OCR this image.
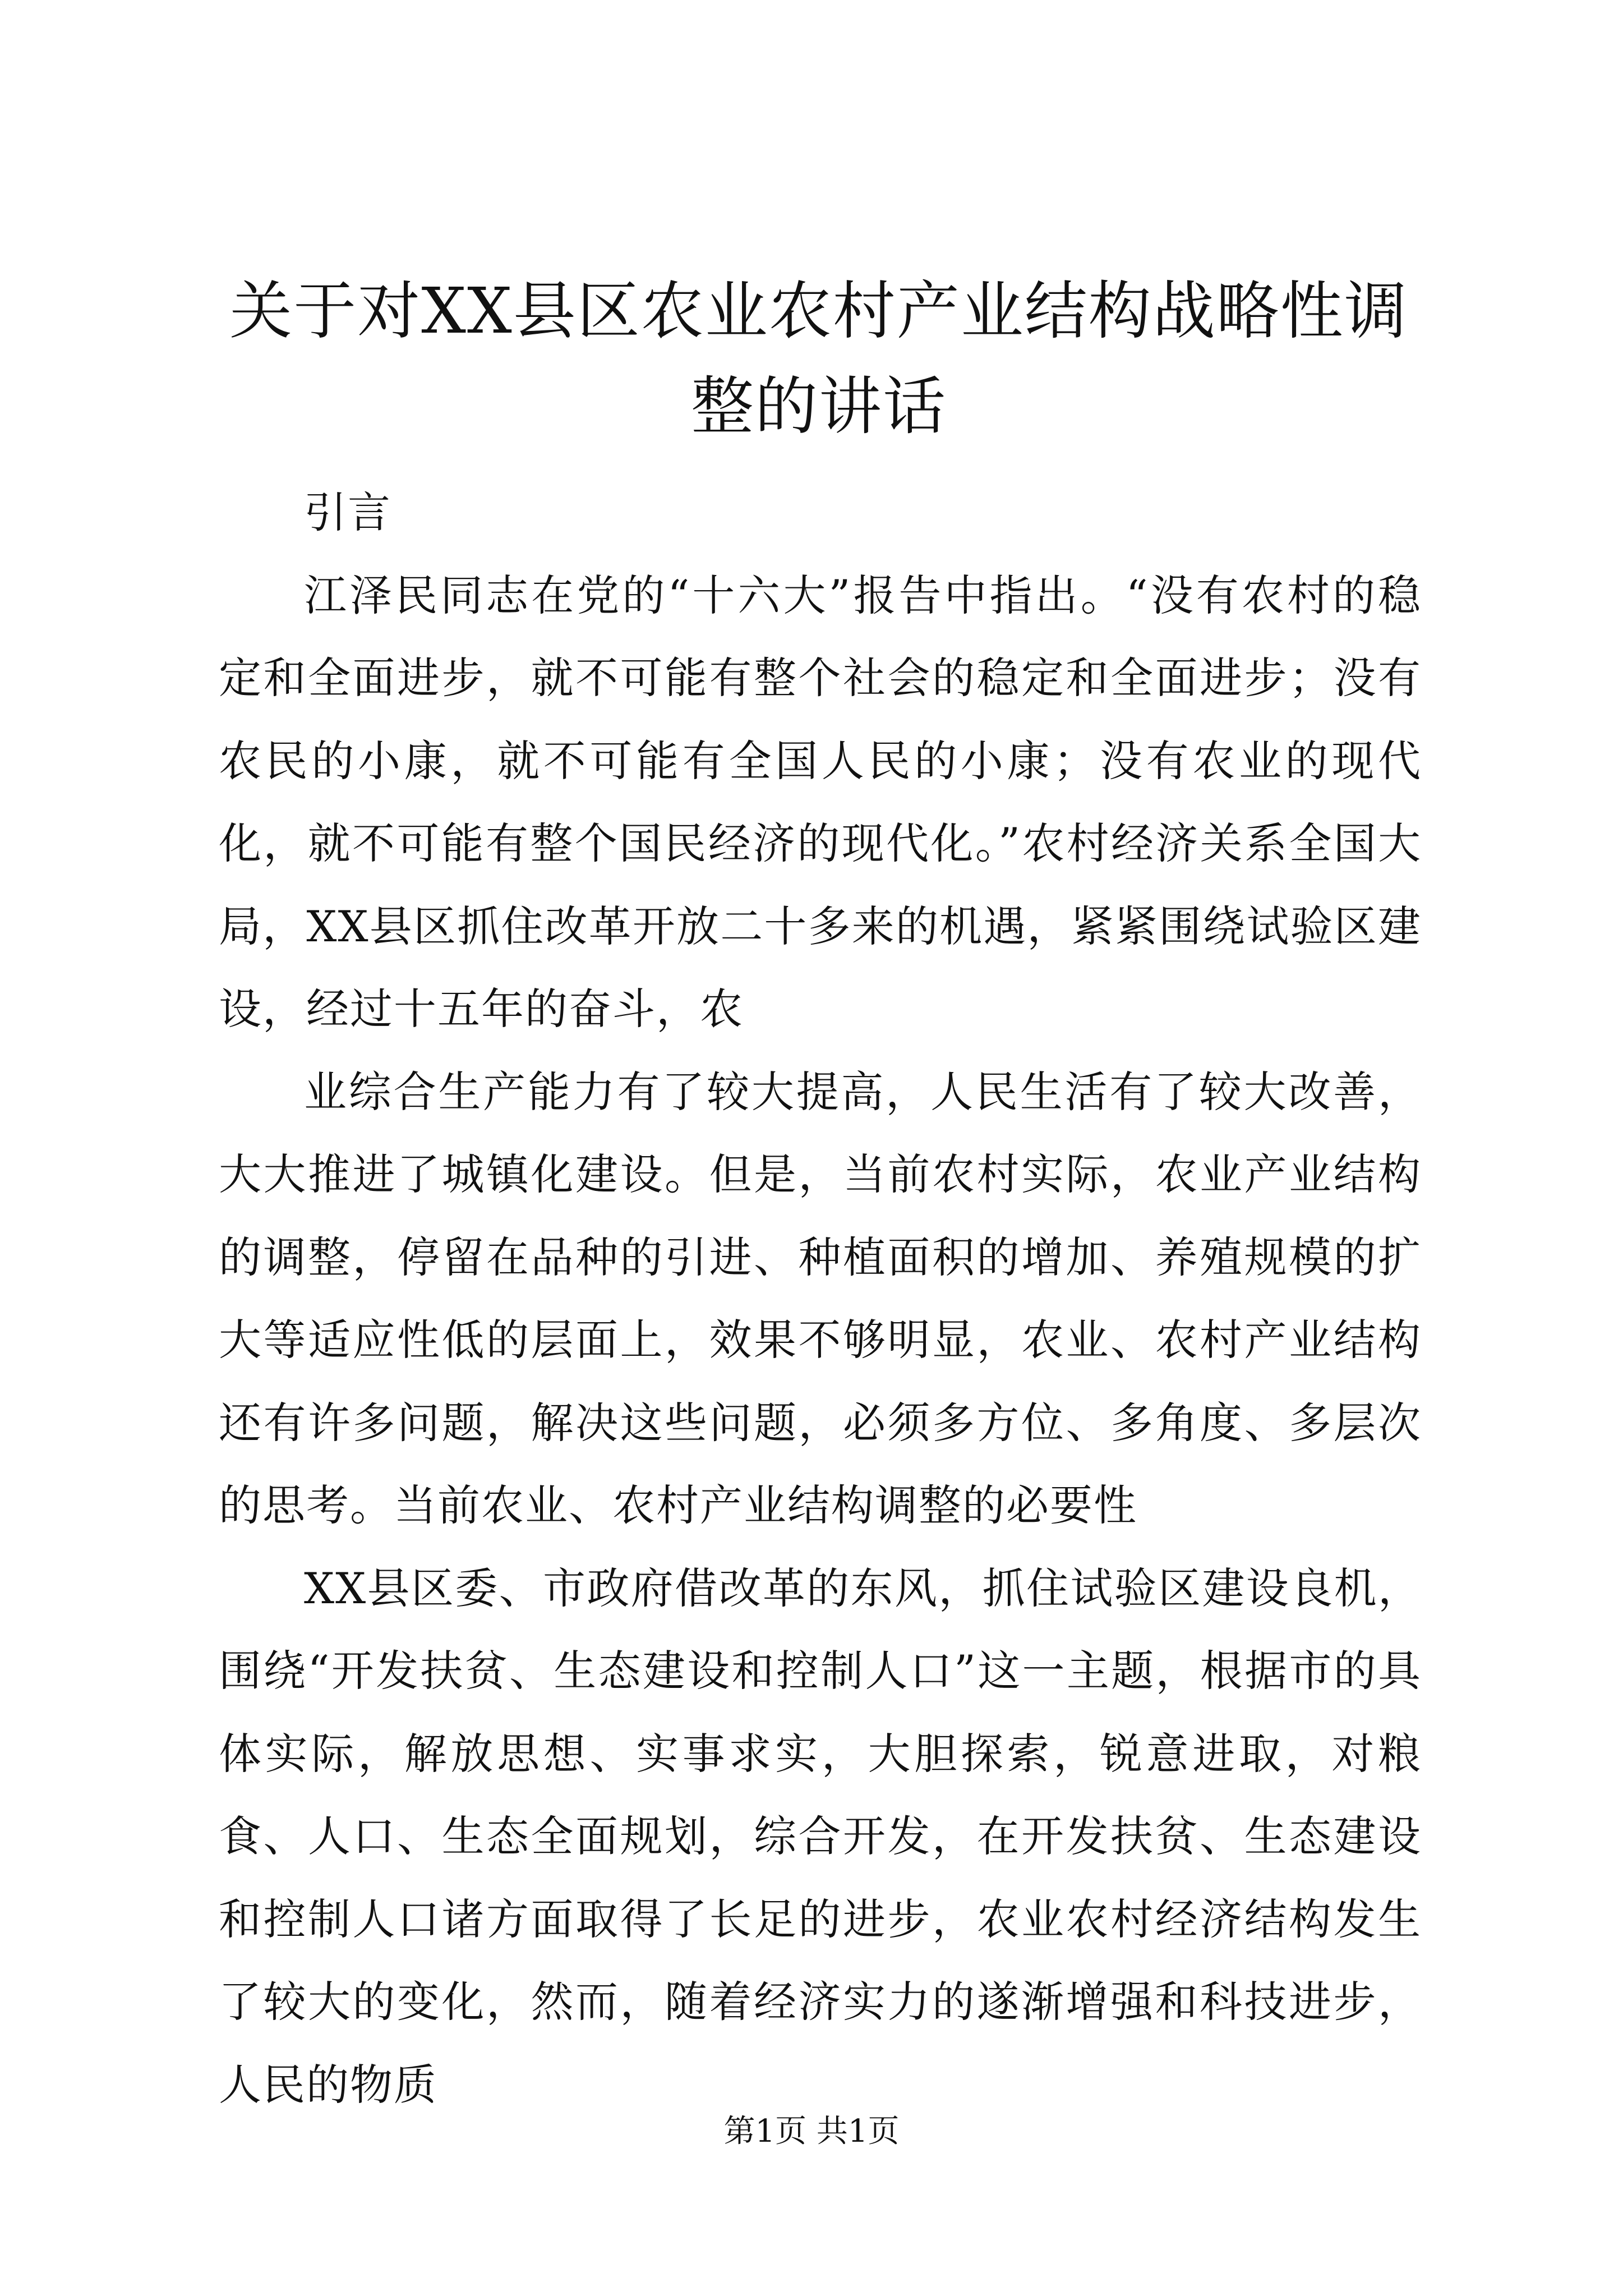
关于对XX县区农业农村产业结构战略性调整的讲话

引言

江泽民同志在党的“十六大”报告中指出。“没有农村的稳定和全面进步，就不可能有整个社会的稳定和全面进步；没有农民的小康，就不可能有全国人民的小康；没有农业的现代化，就不可能有整个国民经济的现代化。”农村经济关系全国大局，XX县区抓住改革开放二十多来的机遇，紧紧围绕试验区建设，经过十五年的奋斗，农

业综合生产能力有了较大提高，人民生活有了较大改善，大大推进了城镇化建设。但是，当前农村实际，农业产业结构的调整，停留在品种的引进、种植面积的增加、养殖规模的扩大等适应性低的层面上，效果不够明显，农业、农村产业结构还有许多问题，解决这些问题，必须多方位、多角度、多层次的思考。当前农业、农村产业结构调整的必要性

XX县区委、市政府借改革的东风，抓住试验区建设良机，围绕“开发扶贫、生态建设和控制人口”这一主题，根据市的具体实际，解放思想、实事求实，大胆探索，锐意进取，对粮食、人口、生态全面规划，综合开发，在开发扶贫、生态建设和控制人口诸方面取得了长足的进步，农业农村经济结构发生了较大的变化，然而，随着经济实力的遂渐增强和科技进步，人民的物质

第1页 共1页
